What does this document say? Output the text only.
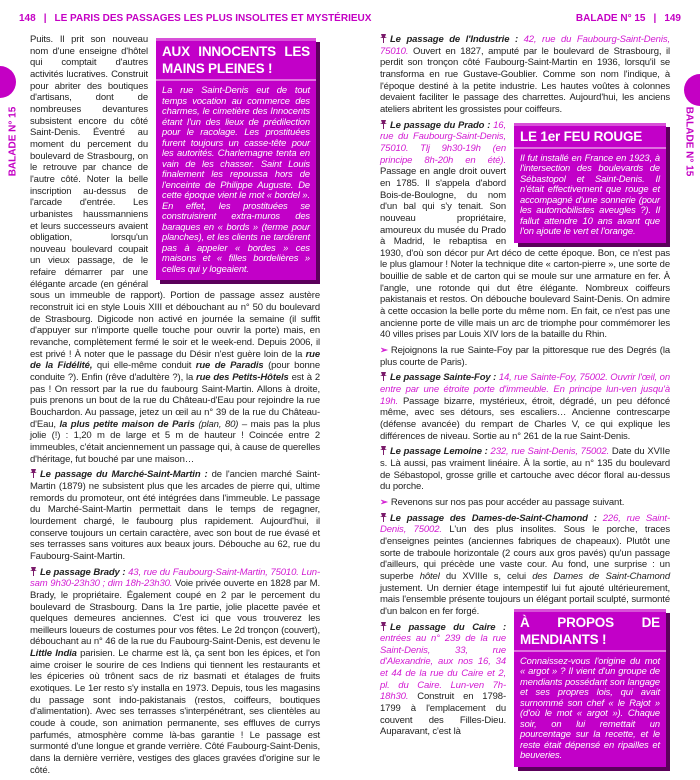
148 | LE PARIS DES PASSAGES LES PLUS INSOLITES ET MYSTÉRIEUX
BALADE N° 15
AUX INNOCENTS LES MAINS PLEINES !
La rue Saint-Denis eut de tout temps vocation au commerce des charmes, le cimetière des Innocents étant l'un des lieux de prédilection pour le racolage. Les prostituées furent toujours un casse-tête pour les autorités. Charlemagne tenta en vain de les chasser. Saint Louis finalement les repoussa hors de l'enceinte de Philippe Auguste. De cette époque vient le mot « bordel ». En effet, les prostituées se construisirent extra-muros des baraques en « bords » (terme pour planches), et les clients ne tardèrent pas à appeler « bordes » ces maisons et « filles bordelières » celles qui y logeaient.

Puits. Il prit son nouveau nom d'une enseigne d'hôtel qui comptait d'autres activités lucratives. Construit pour abriter des boutiques d'artisans, dont de nombreuses devantures subsistent encore du côté Saint-Denis. Éventré au moment du percement du boulevard de Strasbourg, on le retrouve par chance de l'autre côté. Noter la belle inscription au-dessus de l'arcade d'entrée. Les urbanistes haussmanniens et leurs successeurs avaient obligation, lorsqu'un nouveau boulevard coupait un vieux passage, de le refaire démarrer par une élégante arcade (en général sous un immeuble de rapport). Portion de passage assez austère reconstruit ici en style Louis XIII et débouchant au n° 50 du boulevard de Strasbourg. Digicode non activé en journée la semaine (il suffit d'appuyer sur n'importe quelle touche pour ouvrir la porte) mais, en revanche, complètement fermé le soir et le week-end. Depuis 2006, il est privé ! À noter que le passage du Désir n'est guère loin de la rue de la Fidélité, qui elle-même conduit rue de Paradis (pour bonne conduite ?). Enfin (rêve d'adultère ?), la rue des Petits-Hôtels est à 2 pas ! On ressort par la rue du faubourg Saint-Martin. Allons à droite, puis prenons un bout de la rue du Château-d'Eau pour rejoindre la rue Bouchardon. Au passage, jetez un œil au n° 39 de la rue du Château-d'Eau, la plus petite maison de Paris (plan, 80) – mais pas la plus jolie (!) : 1,20 m de large et 5 m de hauteur ! Coincée entre 2 immeubles, c'était anciennement un passage qui, à cause de querelles d'héritage, fut bouché par une maison…

Le passage du Marché-Saint-Martin : de l'ancien marché Saint-Martin (1879) ne subsistent plus que les arcades de pierre qui, ultime remords du promoteur, ont été intégrées dans l'immeuble. Le passage du Marché-Saint-Martin permettait dans le temps de regagner, lourdement chargé, le faubourg plus rapidement. Aujourd'hui, il conserve toujours un certain caractère, avec son bout de rue évasé et ses terrasses sans voitures aux beaux jours. Débouche au 62, rue du Faubourg-Saint-Martin.

Le passage Brady : 43, rue du Faubourg-Saint-Martin, 75010. Lun-sam 9h30-23h30 ; dim 18h-23h30. Voie privée ouverte en 1828 par M. Brady, le propriétaire. Également coupé en 2 par le percement du boulevard de Strasbourg. Dans la 1re partie, jolie placette pavée et quelques demeures anciennes. C'est ici que vous trouverez les meilleurs loueurs de costumes pour vos fêtes. Le 2d tronçon (couvert), débouchant au n° 46 de la rue du Faubourg-Saint-Denis, est devenu le Little India parisien. Le charme est là, ça sent bon les épices, et l'on aime croiser le sourire de ces Indiens qui tiennent les restaurants et les épiceries où trônent sacs de riz basmati et étalages de fruits exotiques. Le 1er resto s'y installa en 1973. Depuis, tous les magasins du passage sont indo-pakistanais (restos, coiffeurs, boutiques d'alimentation). Avec ses terrasses s'interpénétrant, ses clientèles au coude à coude, son animation permanente, ses effluves de currys parfumés, atmosphère comme là-bas garantie ! Le passage est surmonté d'une longue et grande verrière. Côté Faubourg-Saint-Denis, dans la dernière verrière, vestiges des glaces gravées d'origine sur le côté.

BALADE N° 15 | 149
BALADE N° 15

Le passage de l'Industrie : 42, rue du Faubourg-Saint-Denis, 75010. Ouvert en 1827, amputé par le boulevard de Strasbourg, il perdit son tronçon côté Faubourg-Saint-Martin en 1936, lorsqu'il se transforma en rue Gustave-Goublier. Comme son nom l'indique, à l'époque destiné à la petite industrie. Les hautes voûtes à colonnes devaient faciliter le passage des charrettes. Aujourd'hui, les anciens ateliers abritent les grossistes pour coiffeurs.

LE 1er FEU ROUGE
Il fut installé en France en 1923, à l'intersection des boulevards de Sébastopol et Saint-Denis. Il n'était effectivement que rouge et accompagné d'une sonnerie (pour les automobilistes aveugles ?). Il fallut attendre 10 ans avant que l'on ajoute le vert et l'orange.
Le passage du Prado : 16, rue du Faubourg-Saint-Denis, 75010. Tlj 9h30-19h (en principe 8h-20h en été). Passage en angle droit ouvert en 1785. Il s'appela d'abord Bois-de-Boulogne, du nom d'un bal qui s'y tenait. Son nouveau propriétaire, amoureux du musée du Prado à Madrid, le rebaptisa en 1930, d'où son décor pur Art déco de cette époque. Bon, ce n'est pas le plus glamour ! Noter la technique dite « carton-pierre », une sorte de bouillie de sable et de carton qui se moule sur une armature en fer. À l'angle, une rotonde qui dut être élégante. Nombreux coiffeurs pakistanais et restos. On débouche boulevard Saint-Denis. On admire à cette occasion la belle porte du même nom. En fait, ce n'est pas une ancienne porte de ville mais un arc de triomphe pour commémorer les 40 villes prises par Louis XIV lors de la bataille du Rhin.

➢ Rejoignons la rue Sainte-Foy par la pittoresque rue des Degrés (la plus courte de Paris).

Le passage Sainte-Foy : 14, rue Sainte-Foy, 75002. Ouvrir l'œil, on entre par une étroite porte d'immeuble. En principe lun-ven jusqu'à 19h. Passage bizarre, mystérieux, étroit, dégradé, un peu défoncé même, avec ses détours, ses escaliers… Ancienne contrescarpe (défense avancée) du rempart de Charles V, ce qui explique les différences de niveau. Sortie au n° 261 de la rue Saint-Denis.

Le passage Lemoine : 232, rue Saint-Denis, 75002. Date du XVIIe s. Là aussi, pas vraiment linéaire. À la sortie, au n° 135 du boulevard de Sébastopol, grosse grille et cartouche avec décor floral au-dessus du porche.

➢ Revenons sur nos pas pour accéder au passage suivant.

Le passage des Dames-de-Saint-Chamond : 226, rue Saint-Denis, 75002. L'un des plus insolites. Sous le porche, traces d'enseignes peintes (anciennes fabriques de chapeaux). Plutôt une sorte de traboule horizontale (2 cours aux gros pavés) qu'un passage d'ailleurs, qui précède une vaste cour. Au fond, une surprise : un superbe hôtel du XVIIIe s, celui des Dames de Saint-Chamond justement. Un dernier étage intempestif lui fut ajouté ultérieurement, mais l'ensemble présente toujours un élégant
À PROPOS DE MENDIANTS !
Connaissez-vous l'origine du mot « argot » ? Il vient d'un groupe de mendiants possédant son langage et ses propres lois, qui avait surnommé son chef « le Rajot » (d'où le mot « argot »). Chaque soir, on lui remettait un pourcentage sur la recette, et le reste était dépensé en ripailles et beuveries.
portail sculpté, surmonté d'un balcon en fer forgé.

Le passage du Caire : entrées au n° 239 de la rue Saint-Denis, 33, rue d'Alexandrie, aux nos 16, 34 et 44 de la rue du Caire et 2, pl. du Caire. Lun-ven 7h-18h30. Construit en 1798-1799 à l'emplacement du couvent des Filles-Dieu. Auparavant, c'est là
